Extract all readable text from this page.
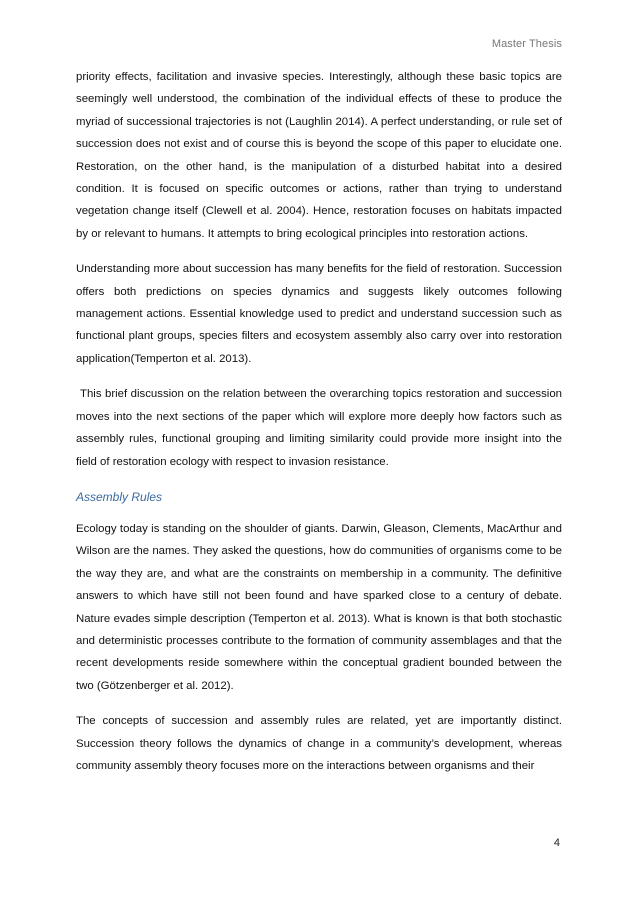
Master Thesis

priority effects, facilitation and invasive species. Interestingly, although these basic topics are seemingly well understood, the combination of the individual effects of these to produce the myriad of successional trajectories is not (Laughlin 2014). A perfect understanding, or rule set of succession does not exist and of course this is beyond the scope of this paper to elucidate one. Restoration, on the other hand, is the manipulation of a disturbed habitat into a desired condition. It is focused on specific outcomes or actions, rather than trying to understand vegetation change itself (Clewell et al. 2004). Hence, restoration focuses on habitats impacted by or relevant to humans. It attempts to bring ecological principles into restoration actions.

Understanding more about succession has many benefits for the field of restoration. Succession offers both predictions on species dynamics and suggests likely outcomes following management actions. Essential knowledge used to predict and understand succession such as functional plant groups, species filters and ecosystem assembly also carry over into restoration application(Temperton et al. 2013).

This brief discussion on the relation between the overarching topics restoration and succession moves into the next sections of the paper which will explore more deeply how factors such as assembly rules, functional grouping and limiting similarity could provide more insight into the field of restoration ecology with respect to invasion resistance.

Assembly Rules

Ecology today is standing on the shoulder of giants. Darwin, Gleason, Clements, MacArthur and Wilson are the names. They asked the questions, how do communities of organisms come to be the way they are, and what are the constraints on membership in a community. The definitive answers to which have still not been found and have sparked close to a century of debate. Nature evades simple description (Temperton et al. 2013). What is known is that both stochastic and deterministic processes contribute to the formation of community assemblages and that the recent developments reside somewhere within the conceptual gradient bounded between the two (Götzenberger et al. 2012).

The concepts of succession and assembly rules are related, yet are importantly distinct. Succession theory follows the dynamics of change in a community’s development, whereas community assembly theory focuses more on the interactions between organisms and their

4
